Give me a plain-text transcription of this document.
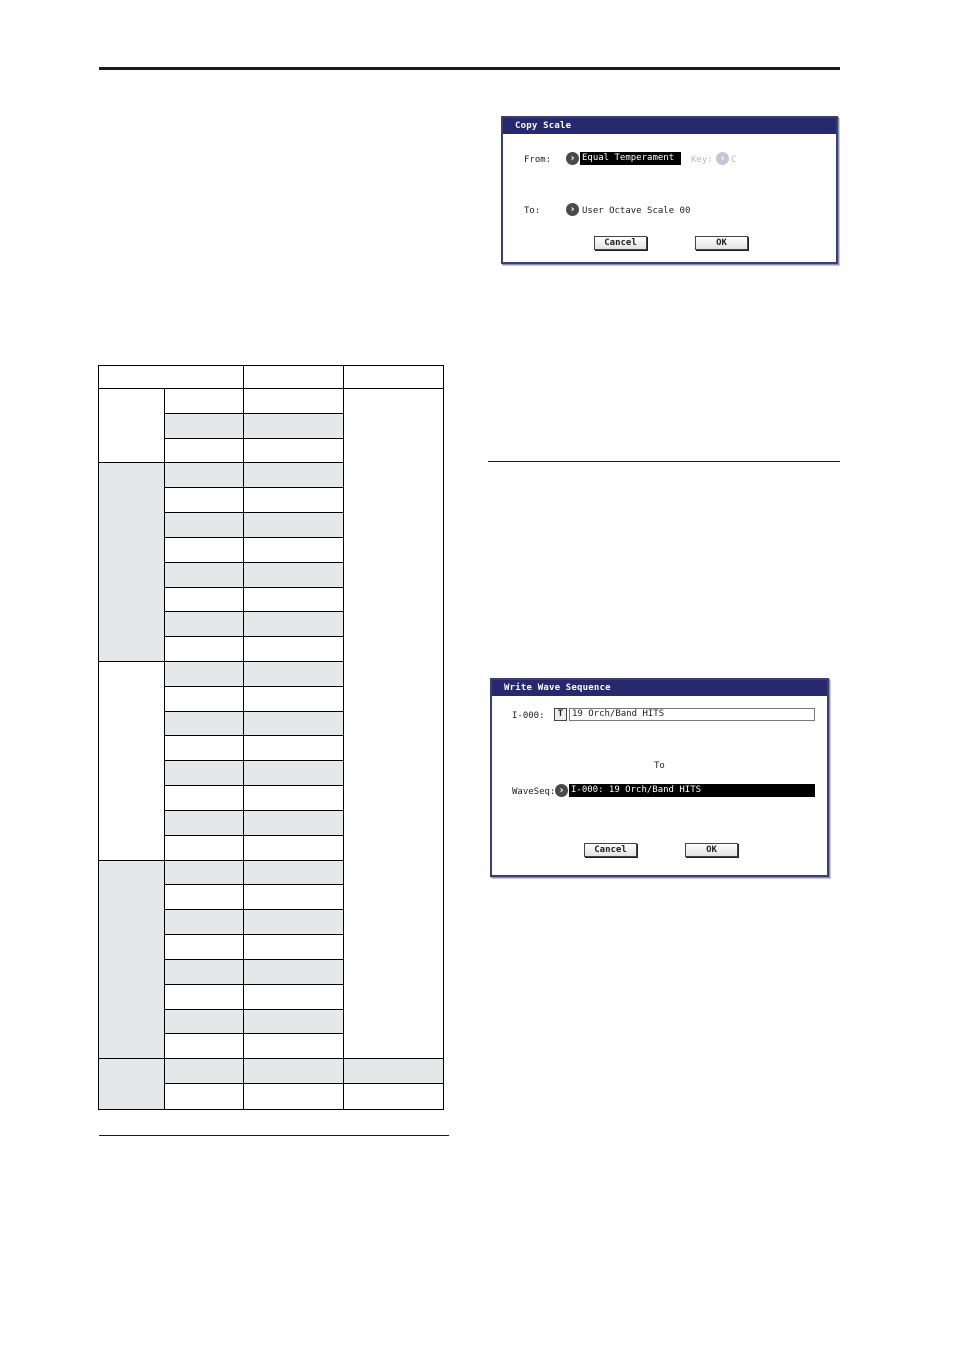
Copy Scale
From:	› Equal Temperament	Key: › C
To:	› User Octave Scale 00
Cancel	OK
Write Wave Sequence
I-000:	T 19 Orch/Band HITS
To
WaveSeq: › I-000: 19 Orch/Band HITS
Cancel	OK
